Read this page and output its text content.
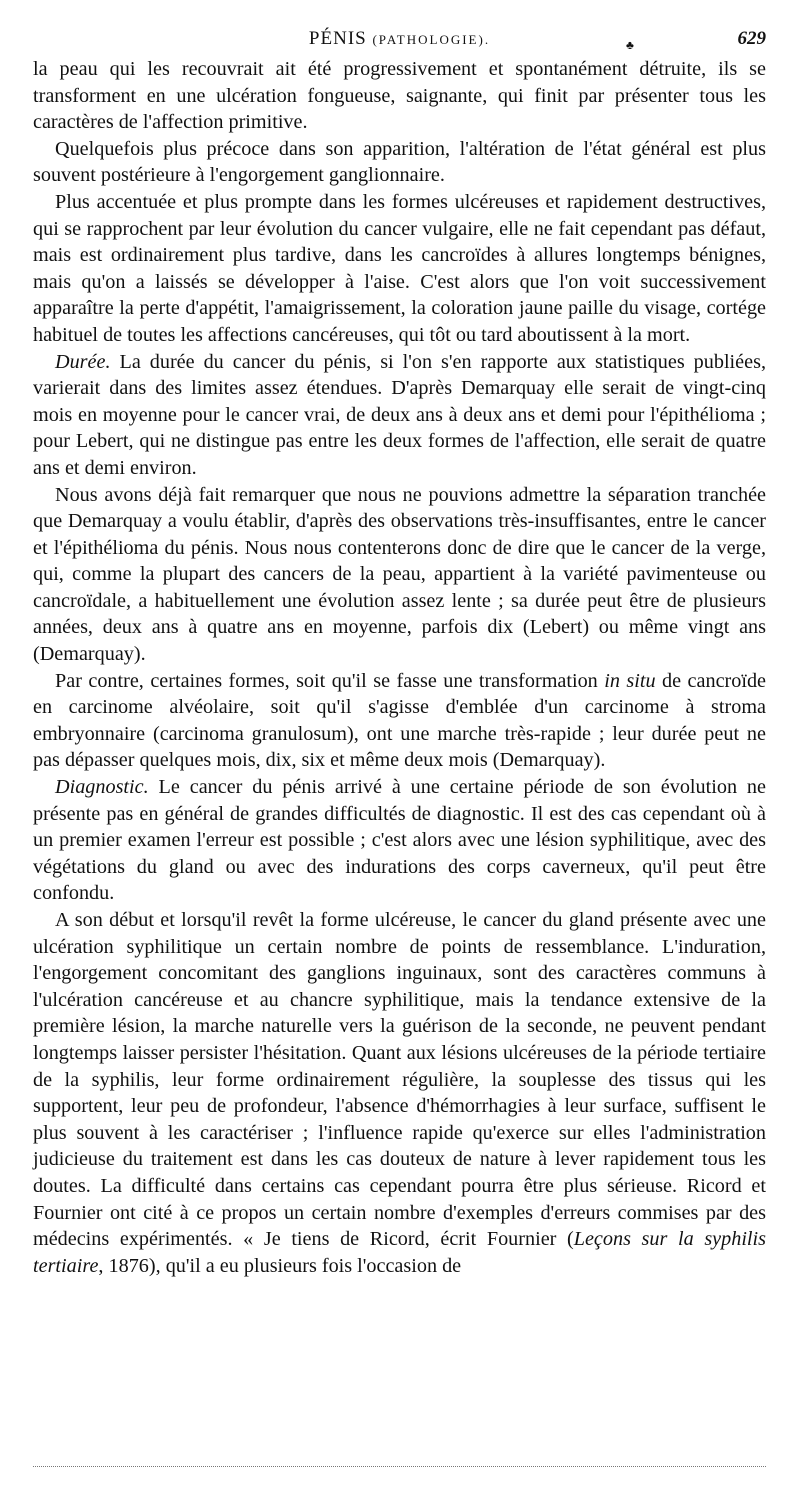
PÉNIS (PATHOLOGIE).	♣	629

la peau qui les recouvrait ait été progressivement et spontanément détruite, ils se transforment en une ulcération fongueuse, saignante, qui finit par présenter tous les caractères de l'affection primitive.

Quelquefois plus précoce dans son apparition, l'altération de l'état général est plus souvent postérieure à l'engorgement ganglionnaire.

Plus accentuée et plus prompte dans les formes ulcéreuses et rapidement destructives, qui se rapprochent par leur évolution du cancer vulgaire, elle ne fait cependant pas défaut, mais est ordinairement plus tardive, dans les cancroïdes à allures longtemps bénignes, mais qu'on a laissés se développer à l'aise. C'est alors que l'on voit successivement apparaître la perte d'appétit, l'amaigrissement, la coloration jaune paille du visage, cortége habituel de toutes les affections cancéreuses, qui tôt ou tard aboutissent à la mort.

Durée. La durée du cancer du pénis, si l'on s'en rapporte aux statistiques publiées, varierait dans des limites assez étendues. D'après Demarquay elle serait de vingt-cinq mois en moyenne pour le cancer vrai, de deux ans à deux ans et demi pour l'épithélioma ; pour Lebert, qui ne distingue pas entre les deux formes de l'affection, elle serait de quatre ans et demi environ.

Nous avons déjà fait remarquer que nous ne pouvions admettre la séparation tranchée que Demarquay a voulu établir, d'après des observations très-insuffisantes, entre le cancer et l'épithélioma du pénis. Nous nous contenterons donc de dire que le cancer de la verge, qui, comme la plupart des cancers de la peau, appartient à la variété pavimenteuse ou cancroïdale, a habituellement une évolution assez lente ; sa durée peut être de plusieurs années, deux ans à quatre ans en moyenne, parfois dix (Lebert) ou même vingt ans (Demarquay).

Par contre, certaines formes, soit qu'il se fasse une transformation in situ de cancroïde en carcinome alvéolaire, soit qu'il s'agisse d'emblée d'un carcinome à stroma embryonnaire (carcinoma granulosum), ont une marche très-rapide ; leur durée peut ne pas dépasser quelques mois, dix, six et même deux mois (Demarquay).

Diagnostic. Le cancer du pénis arrivé à une certaine période de son évolution ne présente pas en général de grandes difficultés de diagnostic. Il est des cas cependant où à un premier examen l'erreur est possible ; c'est alors avec une lésion syphilitique, avec des végétations du gland ou avec des indurations des corps caverneux, qu'il peut être confondu.

A son début et lorsqu'il revêt la forme ulcéreuse, le cancer du gland présente avec une ulcération syphilitique un certain nombre de points de ressemblance. L'induration, l'engorgement concomitant des ganglions inguinaux, sont des caractères communs à l'ulcération cancéreuse et au chancre syphilitique, mais la tendance extensive de la première lésion, la marche naturelle vers la guérison de la seconde, ne peuvent pendant longtemps laisser persister l'hésitation. Quant aux lésions ulcéreuses de la période tertiaire de la syphilis, leur forme ordinairement régulière, la souplesse des tissus qui les supportent, leur peu de profondeur, l'absence d'hémorrhagies à leur surface, suffisent le plus souvent à les caractériser ; l'influence rapide qu'exerce sur elles l'administration judicieuse du traitement est dans les cas douteux de nature à lever rapidement tous les doutes. La difficulté dans certains cas cependant pourra être plus sérieuse. Ricord et Fournier ont cité à ce propos un certain nombre d'exemples d'erreurs commises par des médecins expérimentés. « Je tiens de Ricord, écrit Fournier (Leçons sur la syphilis tertiaire, 1876), qu'il a eu plusieurs fois l'occasion de
